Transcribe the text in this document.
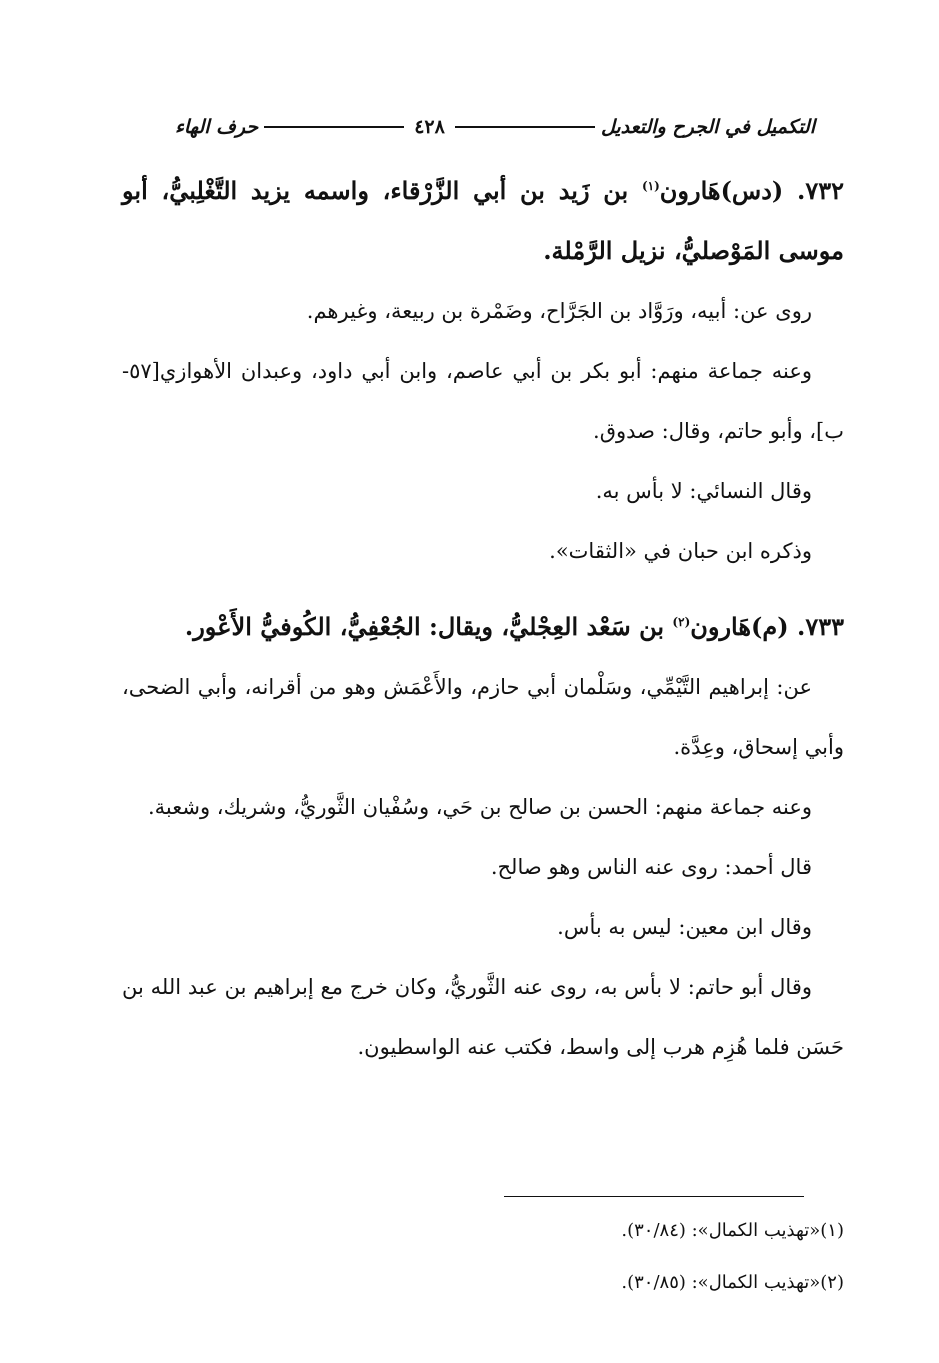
التكميل في الجرح والتعديل
٤٢٨
حرف الهاء
٧٣٢. (دس)هَارون$^{(١)}$ بن زَيد بن أبي الزَّرْقاء، واسمه يزيد التَّغْلِبيُّ، أبو موسى المَوْصليُّ، نزيل الرَّمْلة.
روى عن: أبيه، ورَوَّاد بن الجَرَّاح، وضَمْرة بن ربيعة، وغيرهم.
وعنه جماعة منهم: أبو بكر بن أبي عاصم، وابن أبي داود، وعبدان الأهوازي[٥٧-ب]، وأبو حاتم، وقال: صدوق.
وقال النسائي: لا بأس به.
وذكره ابن حبان في «الثقات».
٧٣٣. (م)هَارون$^{(٢)}$ بن سَعْد العِجْليُّ، ويقال: الجُعْفِيُّ، الكُوفيُّ الأَعْور.
عن: إبراهيم التَّيْمِّي، وسَلْمان أبي حازم، والأَعْمَش وهو من أقرانه، وأبي الضحى، وأبي إسحاق، وعِدَّة.
وعنه جماعة منهم: الحسن بن صالح بن حَي، وسُفْيان الثَّوريُّ، وشريك، وشعبة.
قال أحمد: روى عنه الناس وهو صالح.
وقال ابن معين: ليس به بأس.
وقال أبو حاتم: لا بأس به، روى عنه الثَّوريُّ، وكان خرج مع إبراهيم بن عبد الله بن حَسَن فلما هُزِم هرب إلى واسط، فكتب عنه الواسطيون.
(١)«تهذيب الكمال»: (٣٠/٨٤).
(٢)«تهذيب الكمال»: (٣٠/٨٥).
